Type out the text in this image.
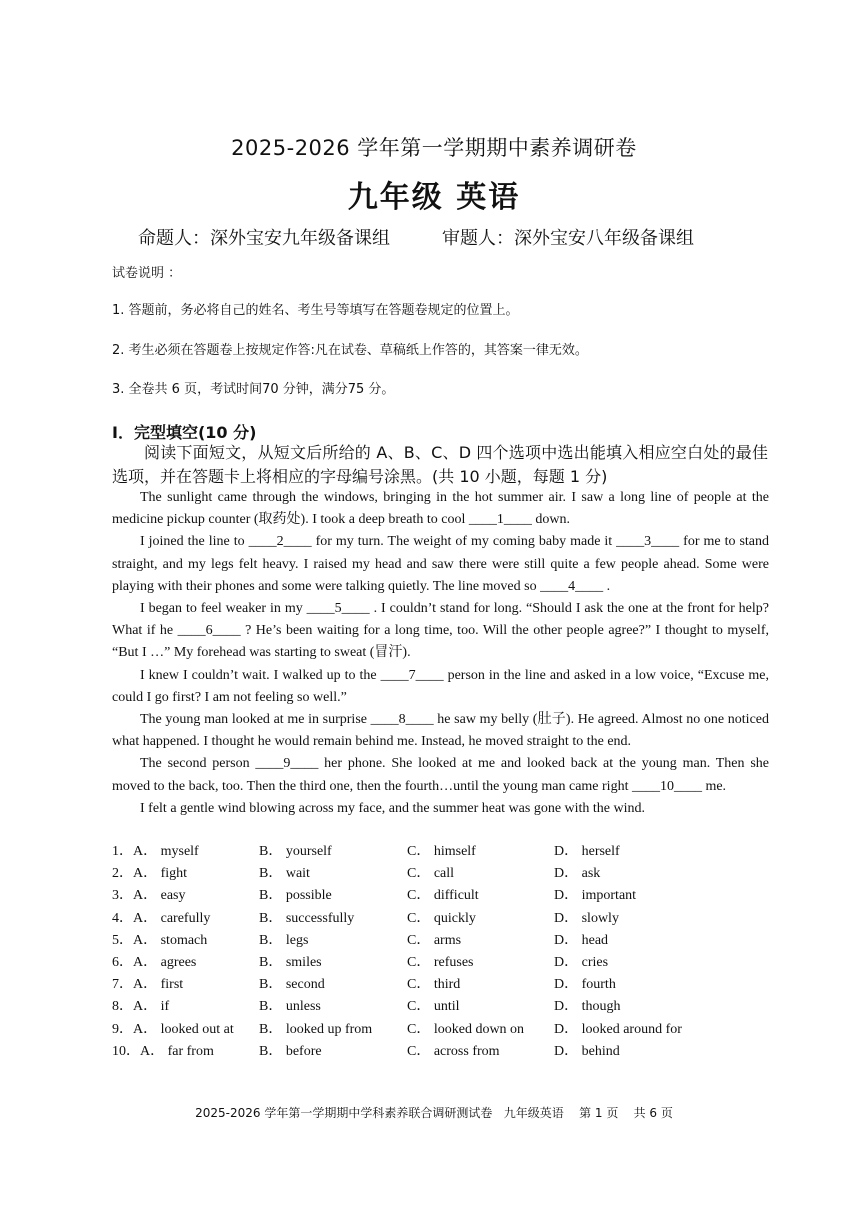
2025-2026 学年第一学期期中素养调研卷
九年级 英语
命题人：深外宝安九年级备课组	审题人：深外宝安八年级备课组
试卷说明 ：
1. 答题前，务必将自己的姓名、考生号等填写在答题卷规定的位置上。
2. 考生必须在答题卷上按规定作答:凡在试卷、草稿纸上作答的，其答案一律无效。
3. 全卷共 6 页，考试时间70 分钟，满分75 分。
I．完型填空(10 分)
阅读下面短文，从短文后所给的 A、B、C、D 四个选项中选出能填入相应空白处的最佳选项，并在答题卡上将相应的字母编号涂黑。(共 10 小题，每题 1 分)

The sunlight came through the windows, bringing in the hot summer air. I saw a long line of people at the medicine pickup counter (取药处). I took a deep breath to cool ____1____ down.

I joined the line to ____2____ for my turn. The weight of my coming baby made it ____3____ for me to stand straight, and my legs felt heavy. I raised my head and saw there were still quite a few people ahead. Some were playing with their phones and some were talking quietly. The line moved so ____4____ .

I began to feel weaker in my ____5____ . I couldn’t stand for long. “Should I ask the one at the front for help? What if he ____6____ ? He’s been waiting for a long time, too. Will the other people agree?” I thought to myself, “But I …” My forehead was starting to sweat (冒汗).

I knew I couldn’t wait. I walked up to the ____7____ person in the line and asked in a low voice, “Excuse me, could I go first? I am not feeling so well.”

The young man looked at me in surprise ____8____ he saw my belly (肚子). He agreed. Almost no one noticed what happened. I thought he would remain behind me. Instead, he moved straight to the end.

The second person ____9____ her phone. She looked at me and looked back at the young man. Then she moved to the back, too. Then the third one, then the fourth…until the young man came right ____10____ me.

I felt a gentle wind blowing across my face, and the summer heat was gone with the wind.

1．A． myself	B． yourself	C． himself	D． herself
2．A． fight	B． wait	C． call	D． ask
3．A． easy	B． possible	C． difficult	D． important
4．A． carefully	B． successfully	C． quickly	D． slowly
5．A． stomach	B． legs	C． arms	D． head
6．A． agrees	B． smiles	C． refuses	D． cries
7．A． first	B． second	C． third	D． fourth
8．A． if	B． unless	C． until	D． though
9．A． looked out at B． looked up from C． looked down on D． looked around for
10．A． far from	B． before	C． across from	D． behind
2025-2026 学年第一学期期中学科素养联合调研测试卷   九年级英语    第 1 页    共 6 页
